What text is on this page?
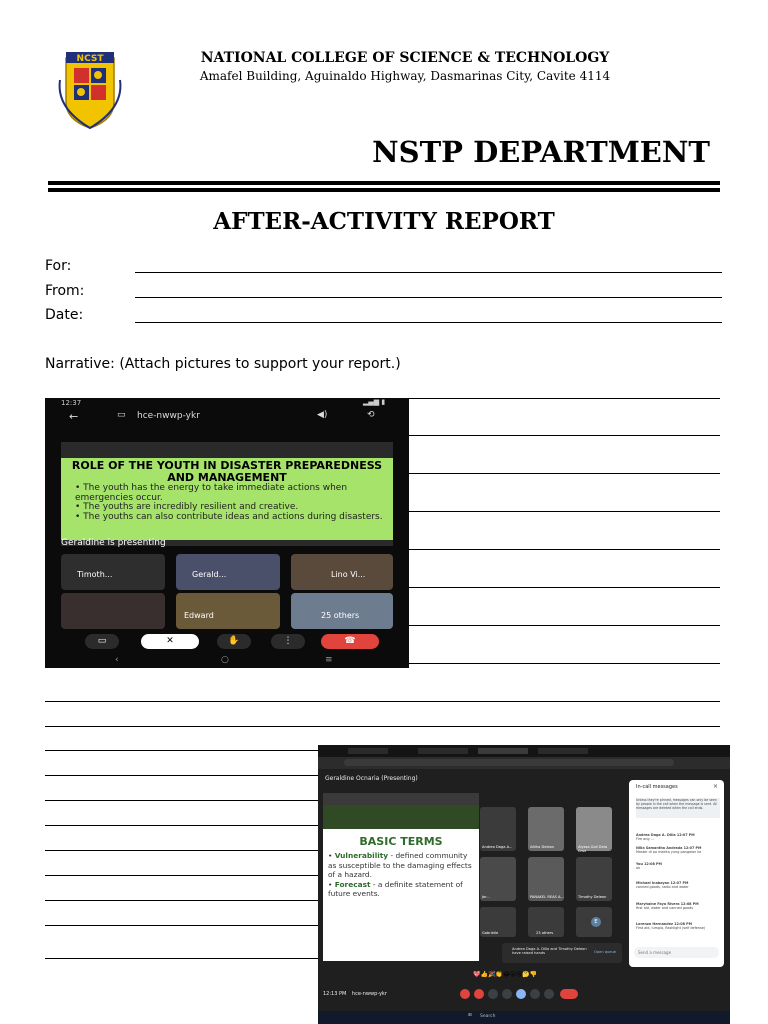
NCST	NATIONAL COLLEGE OF SCIENCE & TECHNOLOGY
Amafel Building, Aguinaldo Highway, Dasmarinas City, Cavite 4114
NSTP DEPARTMENT
AFTER-ACTIVITY REPORT
For:
From:
Date:
Narrative: (Attach pictures to support your report.)
12:37	▂▄▆ ▮
←	▭ hce-nwwp-ykr	◀)	⟲
ROLE OF THE YOUTH IN DISASTER PREPAREDNESS AND MANAGEMENT
• The youth has the energy to take immediate actions when emergencies occur.
• The youths are incredibly resilient and creative.
• The youths can also contribute ideas and actions during disasters.
Geraldine is presenting
Timoth...	Gerald...	Lino Vi...
Edward	25 others
▭	✕	✋	⋮	☎
‹	○	≡
Geraldine Ocnaria (Presenting)
BASIC TERMS
• Vulnerability - defined community as susceptible to the damaging effects of a hazard.
• Forecast - a definite statement of future events.
Andrea Daga A...	Alitha Deleon	Alyssa Gail Dela Cruz
Jer...	PANAKEL REAS A...	Timothy Deleon
Gabrielle	23 others
E
Andrea Daga A. Dilla and Timothy Deleon have raised hands	Open queue
In-call messages	×
Unless they're pinned, messages can only be seen by people in the call when the message is sent. All messages are deleted when the call ends.
Andrea Daga A. Dilla 12:07 PM
Fire ang ...
Nilla Samantha Andrada 12:07 PM
Master di po makita yung pangalan ko
You 12:08 PM
ok
Michael Inabayan 12:07 PM
canned goods, radio and water
Maryhaine Fayo Rivera 12:08 PM
first aid, water and canned goods
Lorenzo Hernandez 12:08 PM
First aid, lumpia, flashlight (self defense)
Send a message
💖👍🎉👏😂😮😢🤔👎
12:13 PM hce-nwwp-ykr
⊞ Search
